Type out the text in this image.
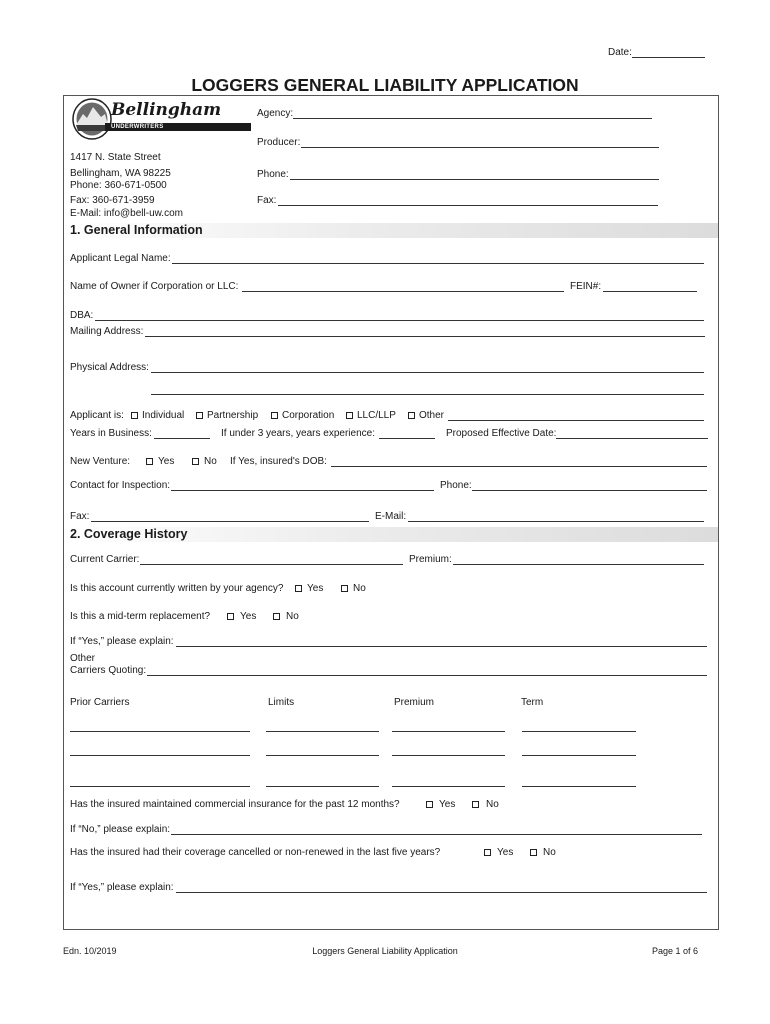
Date:
LOGGERS GENERAL LIABILITY APPLICATION
Bellingham
UNDERWRITERS
1417 N. State Street
Bellingham, WA 98225
Phone: 360-671-0500
Fax: 360-671-3959
E-Mail: info@bell-uw.com
Agency:
Producer:
Phone:
Fax:
1. General Information
Applicant Legal Name:
Name of Owner if Corporation or LLC:	FEIN#:
DBA:
Mailing Address:
Physical Address:
Applicant is: Individual Partnership Corporation LLC/LLP Other
Years in Business:	If under 3 years, years experience:	Proposed Effective Date:
New Venture:	Yes	No If Yes, insured's DOB:
Contact for Inspection:	Phone:
Fax:	E-Mail:
2. Coverage History
Current Carrier:	Premium:
Is this account currently written by your agency? Yes	No
Is this a mid-term replacement?	Yes	No
If “Yes,” please explain:
Other
Carriers Quoting:
Prior Carriers	Limits	Premium	Term
Has the insured maintained commercial insurance for the past 12 months?	Yes	No
If “No,” please explain:
Has the insured had their coverage cancelled or non-renewed in the last five years?	Yes	No
If “Yes,” please explain:
Edn. 10/2019	Loggers General Liability Application	Page 1 of 6
